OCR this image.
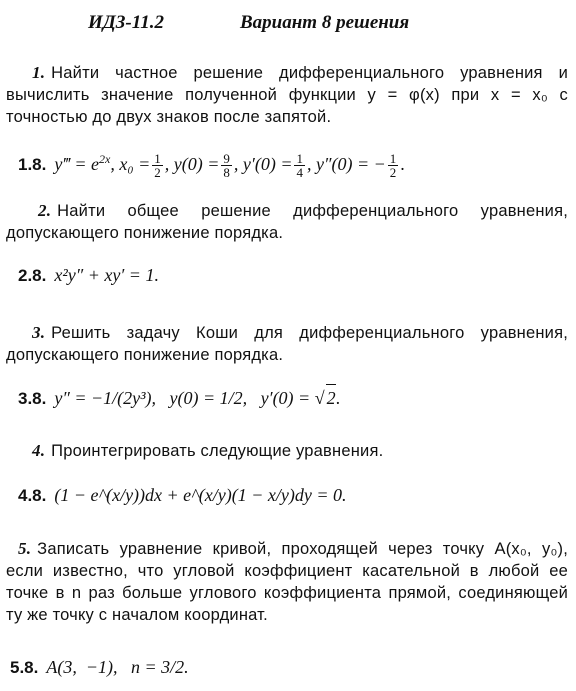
ИДЗ-11.2	Вариант 8 решения
1. Найти частное решение дифференциального уравнения и вычислить значение полученной функции y = φ(x) при x = x₀ с точностью до двух знаков после запятой.
1.8. y‴ = $e^{2x}$, $x_0 = \frac{1}{2}$ , $y(0) = \frac{9}{8}$ , $y'(0) = \frac{1}{4}$ , y″(0) = − $\frac{1}{2}$ .
2. Найти общее решение дифференциального уравнения, допускающего понижение порядка.
2.8. x²y″ + xy′ = 1.
3. Решить задачу Коши для дифференциального уравнения, допускающего понижение порядка.
3.8. y″ = −1/(2y³),   y(0) = 1/2,   y′(0) = √ 2.
4. Проинтегрировать следующие уравнения.
4.8. (1 − e^(x/y))dx + e^(x/y)(1 − x/y)dy = 0.
5. Записать уравнение кривой, проходящей через точку A(x₀, y₀), если известно, что угловой коэффициент касательной в любой ее точке в n раз больше углового коэффициента прямой, соединяющей ту же точку с началом координат.
5.8. A(3,  −1),   n = 3/2.
